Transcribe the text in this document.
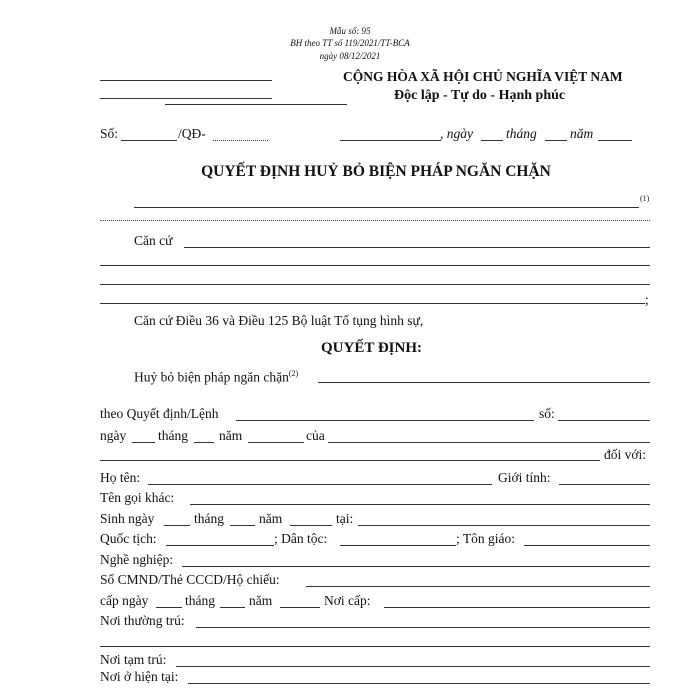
Mẫu số: 95
BH theo TT số 119/2021/TT-BCA
ngày 08/12/2021
CỘNG HÒA XÃ HỘI CHỦ NGHĨA VIỆT NAM
Độc lập - Tự do - Hạnh phúc
Số:	/QĐ-	, ngày tháng năm
QUYẾT ĐỊNH HUỶ BỎ BIỆN PHÁP NGĂN CHẶN
(1)
Căn cứ
;
Căn cứ Điều 36 và Điều 125 Bộ luật Tố tụng hình sự,
QUYẾT ĐỊNH:
Huỷ bỏ biện pháp ngăn chặn$^{(2)}$
theo Quyết định/Lệnh	số:
ngày tháng năm	của
đối với:
Họ tên:	Giới tính:
Tên gọi khác:
Sinh ngày	tháng	năm	tại:
Quốc tịch:	; Dân tộc:	; Tôn giáo:
Nghề nghiệp:
Số CMND/Thẻ CCCD/Hộ chiếu:
cấp ngày	tháng	năm	Nơi cấp:
Nơi thường trú:
Nơi tạm trú:
Nơi ở hiện tại:
